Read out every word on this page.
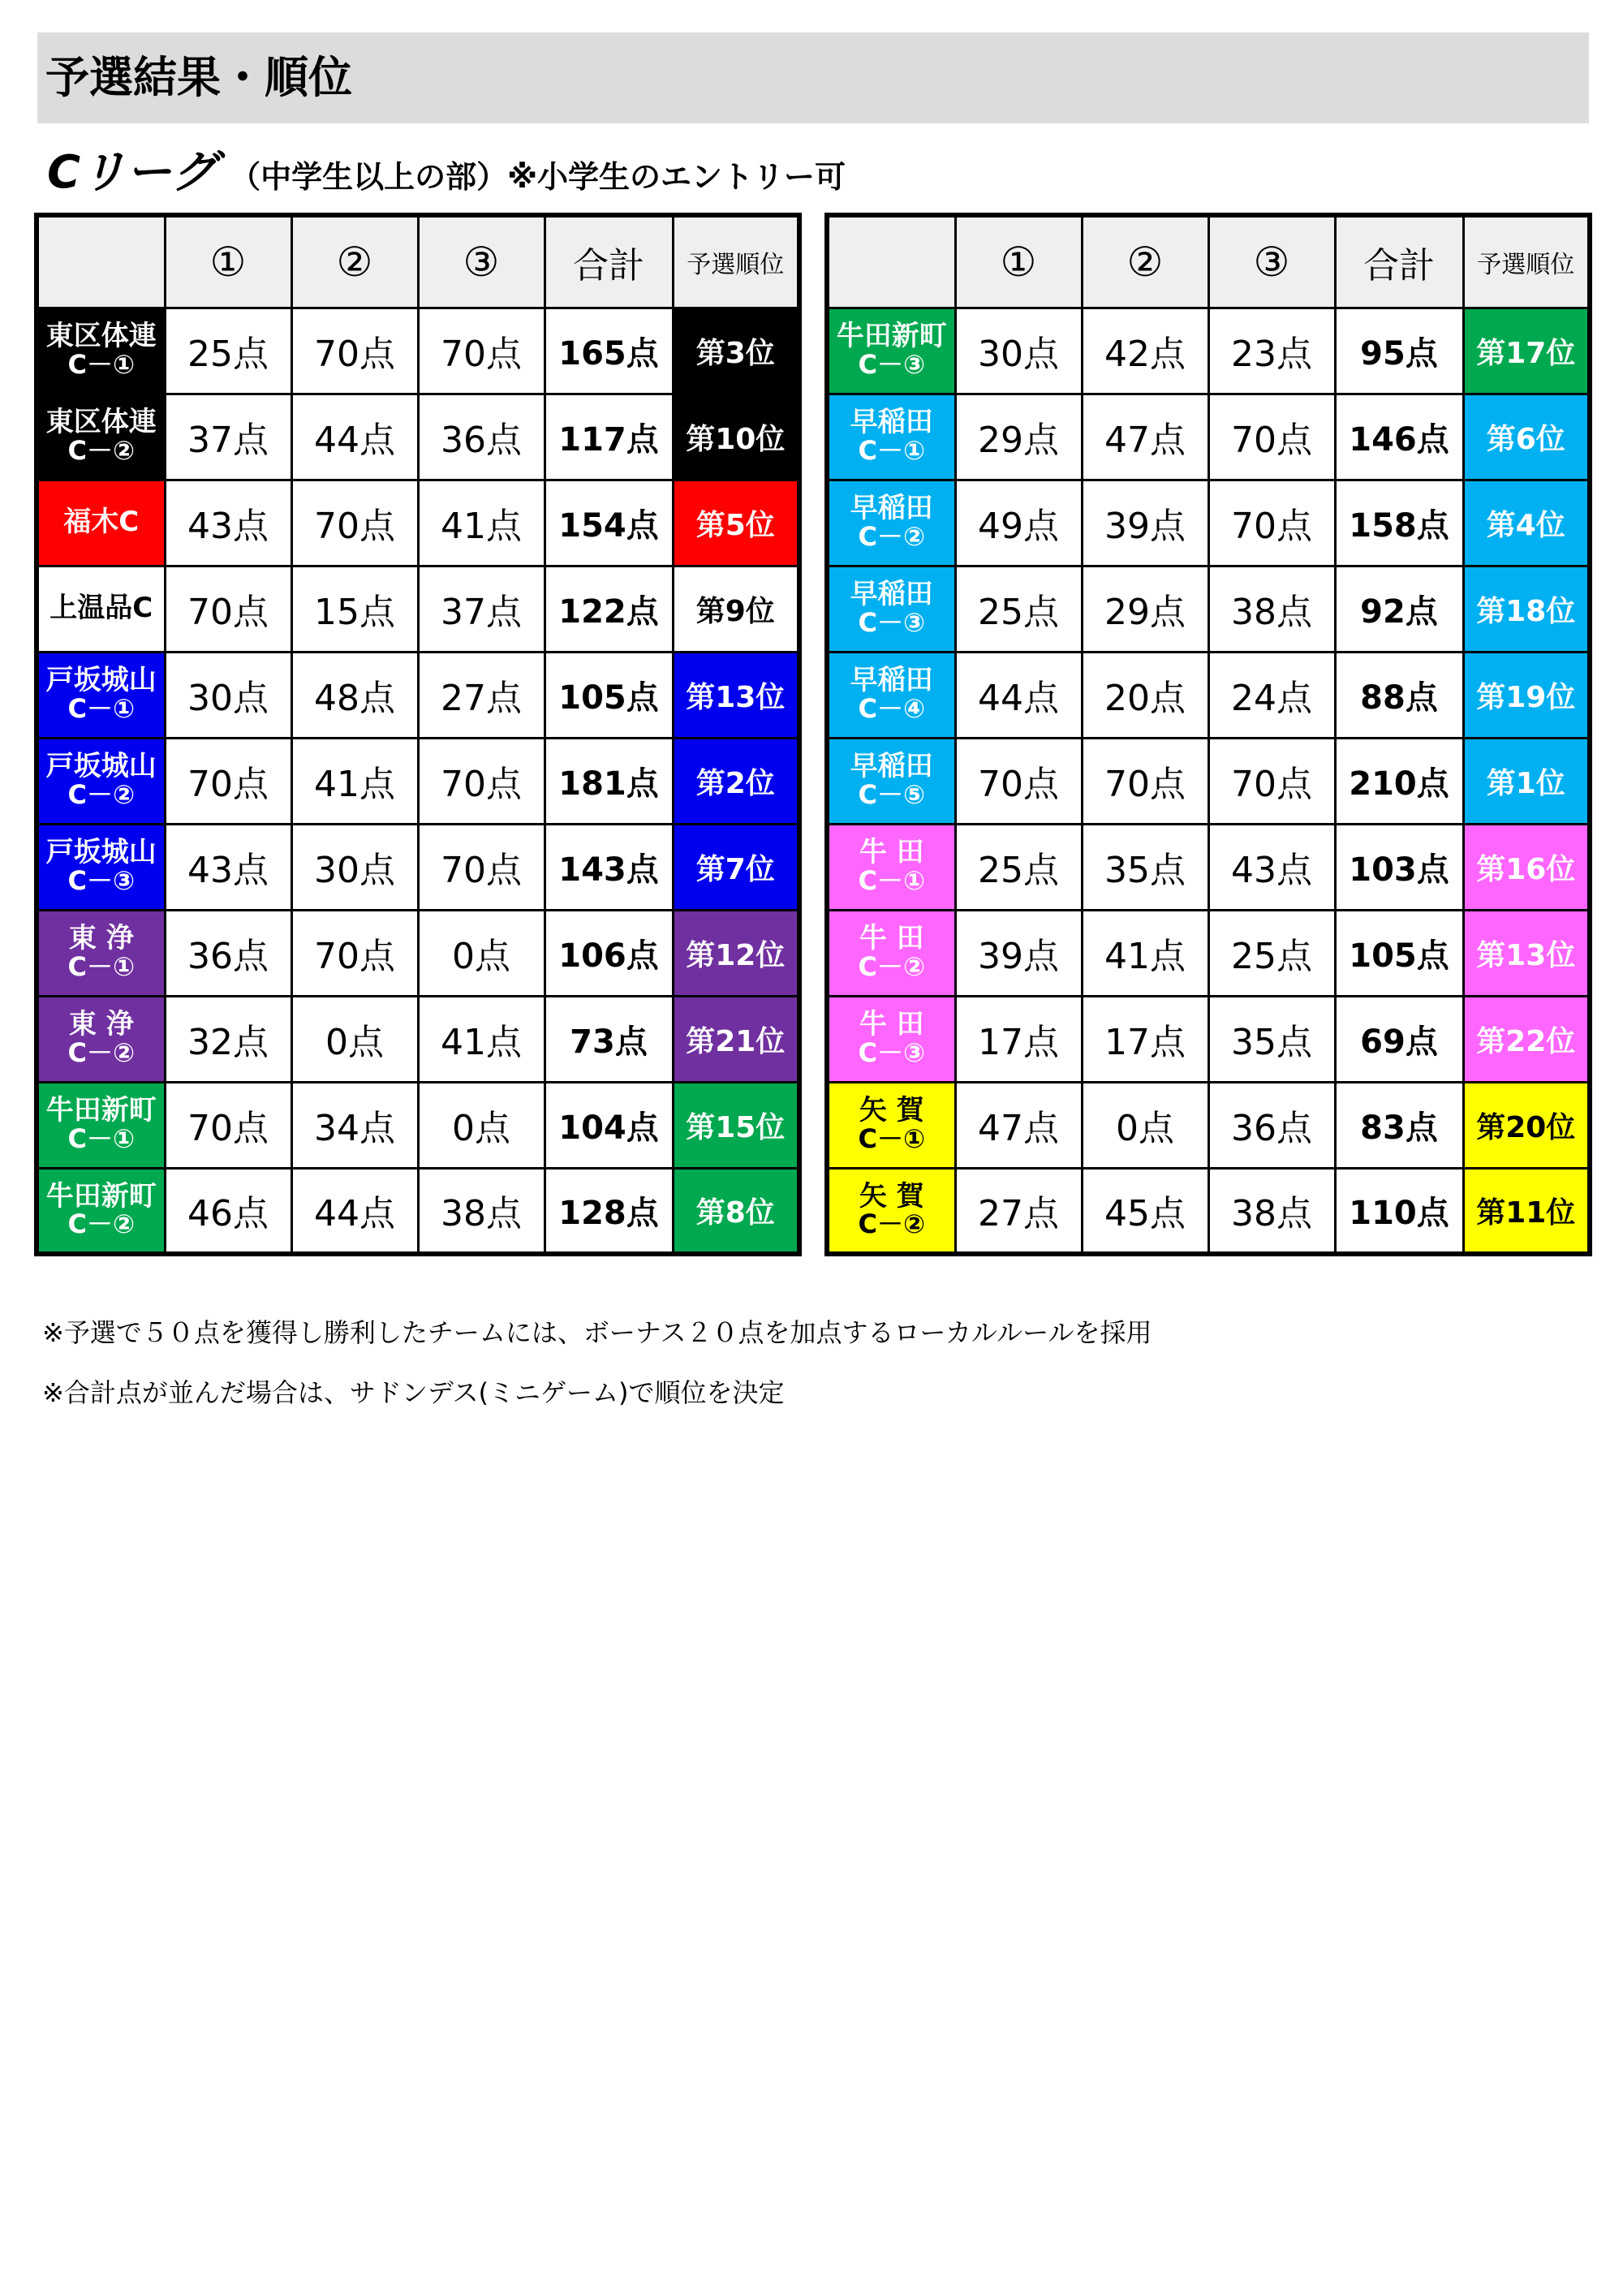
予選結果・順位
Cリーグ （中学生以上の部）※小学生のエントリー可
	①	②	③	合計	予選順位

東区体連
C－①	25点	70点	70点	165点	第3位

東区体連
C－②	37点	44点	36点	117点	第10位

福木C	43点	70点	41点	154点	第5位

上温品C	70点	15点	37点	122点	第9位

戸坂城山
C－①	30点	48点	27点	105点	第13位

戸坂城山
C－②	70点	41点	70点	181点	第2位

戸坂城山
C－③	43点	30点	70点	143点	第7位

東 浄
C－①	36点	70点	0点	106点	第12位

東 浄
C－②	32点	0点	41点	73点	第21位

牛田新町
C－①	70点	34点	0点	104点	第15位

牛田新町
C－②	46点	44点	38点	128点	第8位
	①	②	③	合計	予選順位

牛田新町
C－③	30点	42点	23点	95点	第17位

早稲田
C－①	29点	47点	70点	146点	第6位

早稲田
C－②	49点	39点	70点	158点	第4位

早稲田
C－③	25点	29点	38点	92点	第18位

早稲田
C－④	44点	20点	24点	88点	第19位

早稲田
C－⑤	70点	70点	70点	210点	第1位

牛 田
C－①	25点	35点	43点	103点	第16位

牛 田
C－②	39点	41点	25点	105点	第13位

牛 田
C－③	17点	17点	35点	69点	第22位

矢 賀
C－①	47点	0点	36点	83点	第20位

矢 賀
C－②	27点	45点	38点	110点	第11位

※予選で５０点を獲得し勝利したチームには、ボーナス２０点を加点するローカルルールを採用

※合計点が並んだ場合は、サドンデス(ミニゲーム)で順位を決定
